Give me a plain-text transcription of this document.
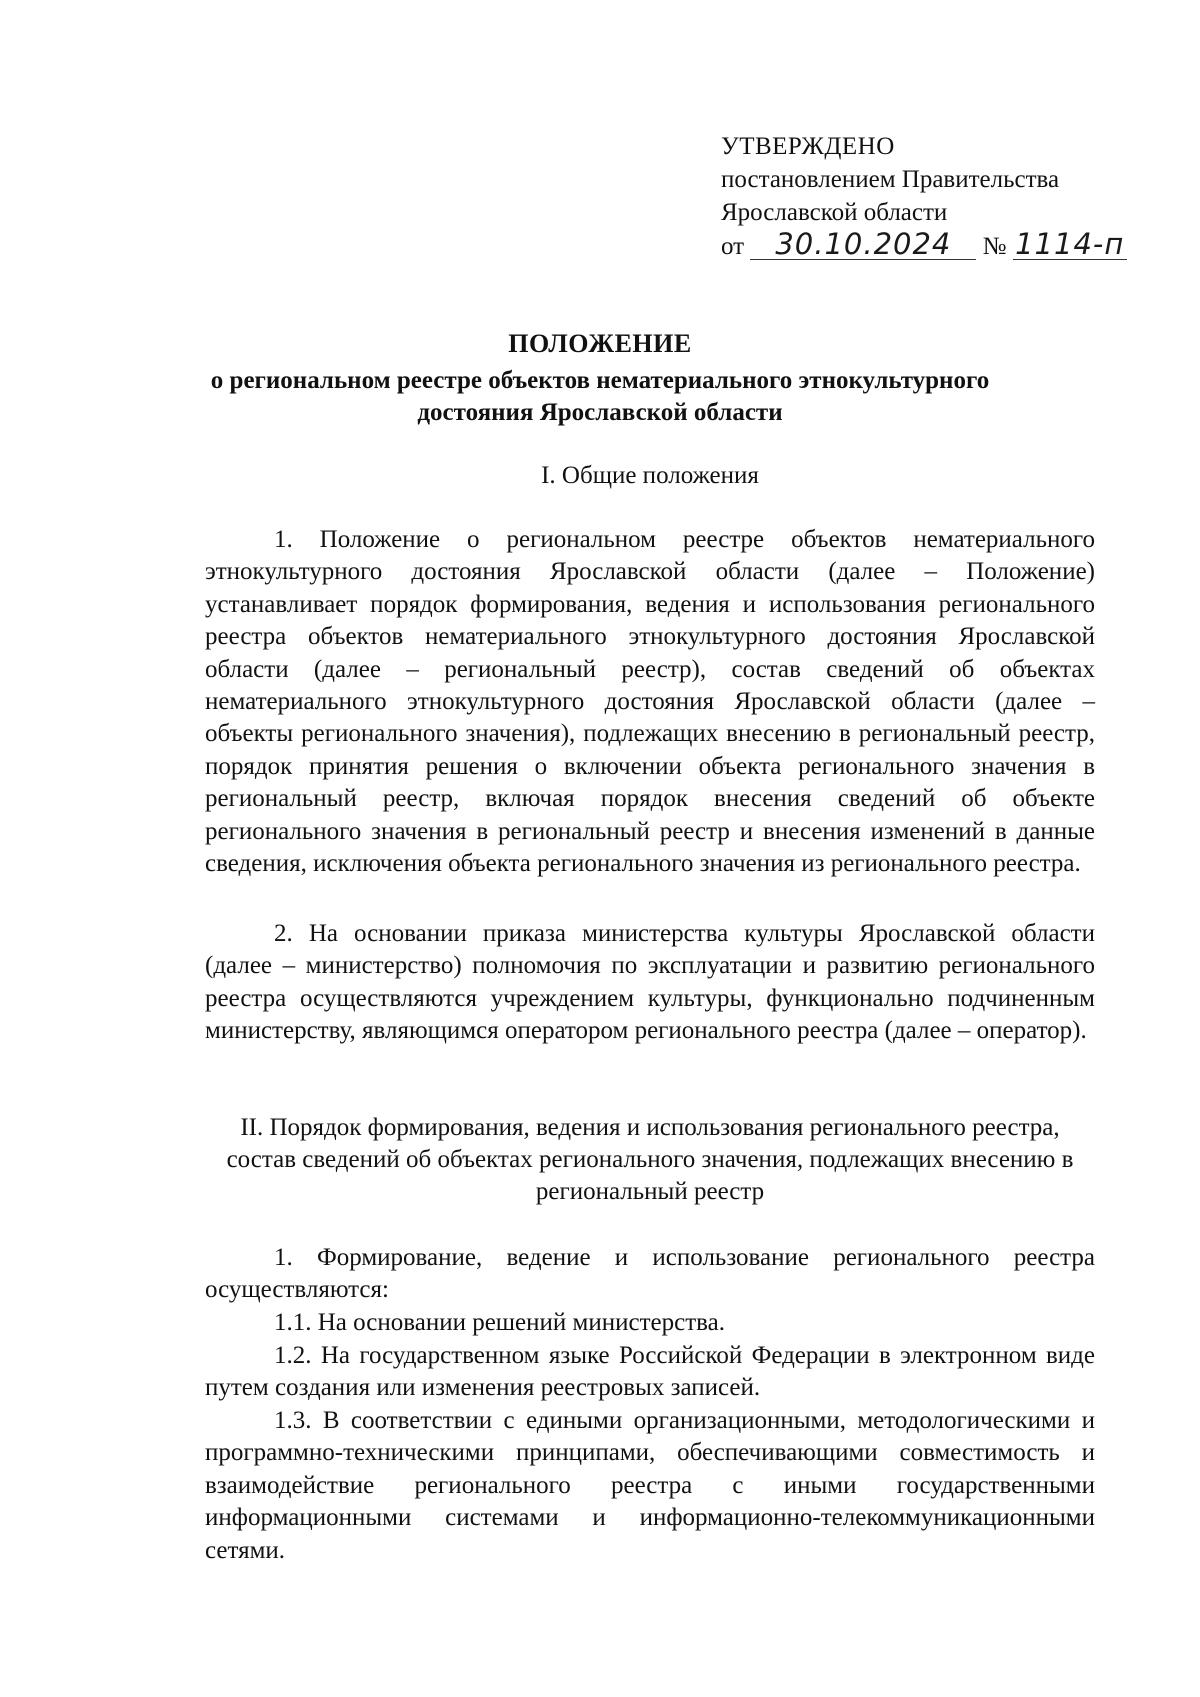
УТВЕРЖДЕНО
постановлением Правительства
Ярославской области
от 30.10.2024 № 1114-п
ПОЛОЖЕНИЕ
о региональном реестре объектов нематериального этнокультурного достояния Ярославской области
I. Общие положения

1. Положение о региональном реестре объектов нематериального этнокультурного достояния Ярославской области (далее – Положение) устанавливает порядок формирования, ведения и использования регионального реестра объектов нематериального этнокультурного достояния Ярославской области (далее – региональный реестр), состав сведений об объектах нематериального этнокультурного достояния Ярославской области (далее – объекты регионального значения), подлежащих внесению в региональный реестр, порядок принятия решения о включении объекта регионального значения в региональный реестр, включая порядок внесения сведений об объекте регионального значения в региональный реестр и внесения изменений в данные сведения, исключения объекта регионального значения из регионального реестра.

2. На основании приказа министерства культуры Ярославской области (далее – министерство) полномочия по эксплуатации и развитию регионального реестра осуществляются учреждением культуры, функционально подчиненным министерству, являющимся оператором регионального реестра (далее – оператор).

II. Порядок формирования, ведения и использования регионального реестра, состав сведений об объектах регионального значения, подлежащих внесению в региональный реестр

1. Формирование, ведение и использование регионального реестра осуществляются:

1.1. На основании решений министерства.

1.2. На государственном языке Российской Федерации в электронном виде путем создания или изменения реестровых записей.

1.3. В соответствии с едиными организационными, методологическими и программно-техническими принципами, обеспечивающими совместимость и взаимодействие регионального реестра с иными государственными информационными системами и информационно-телекоммуникационными сетями.
